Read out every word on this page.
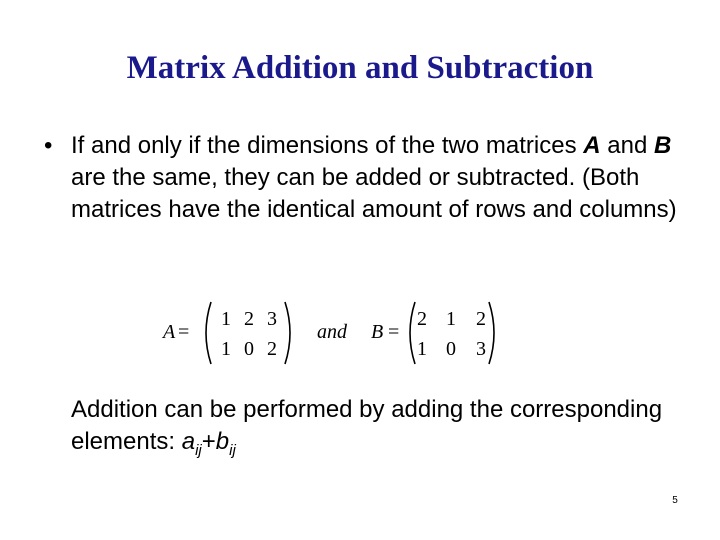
Matrix Addition and Subtraction
• If and only if the dimensions of the two matrices A and B are the same, they can be added or subtracted. (Both matrices have the identical amount of rows and columns)
A =
1 2 3
1 0 2
and B =
2 1	2
1 0	3
Addition can be performed by adding the corresponding elements: $a_{ij}+b_{ij}$
5
